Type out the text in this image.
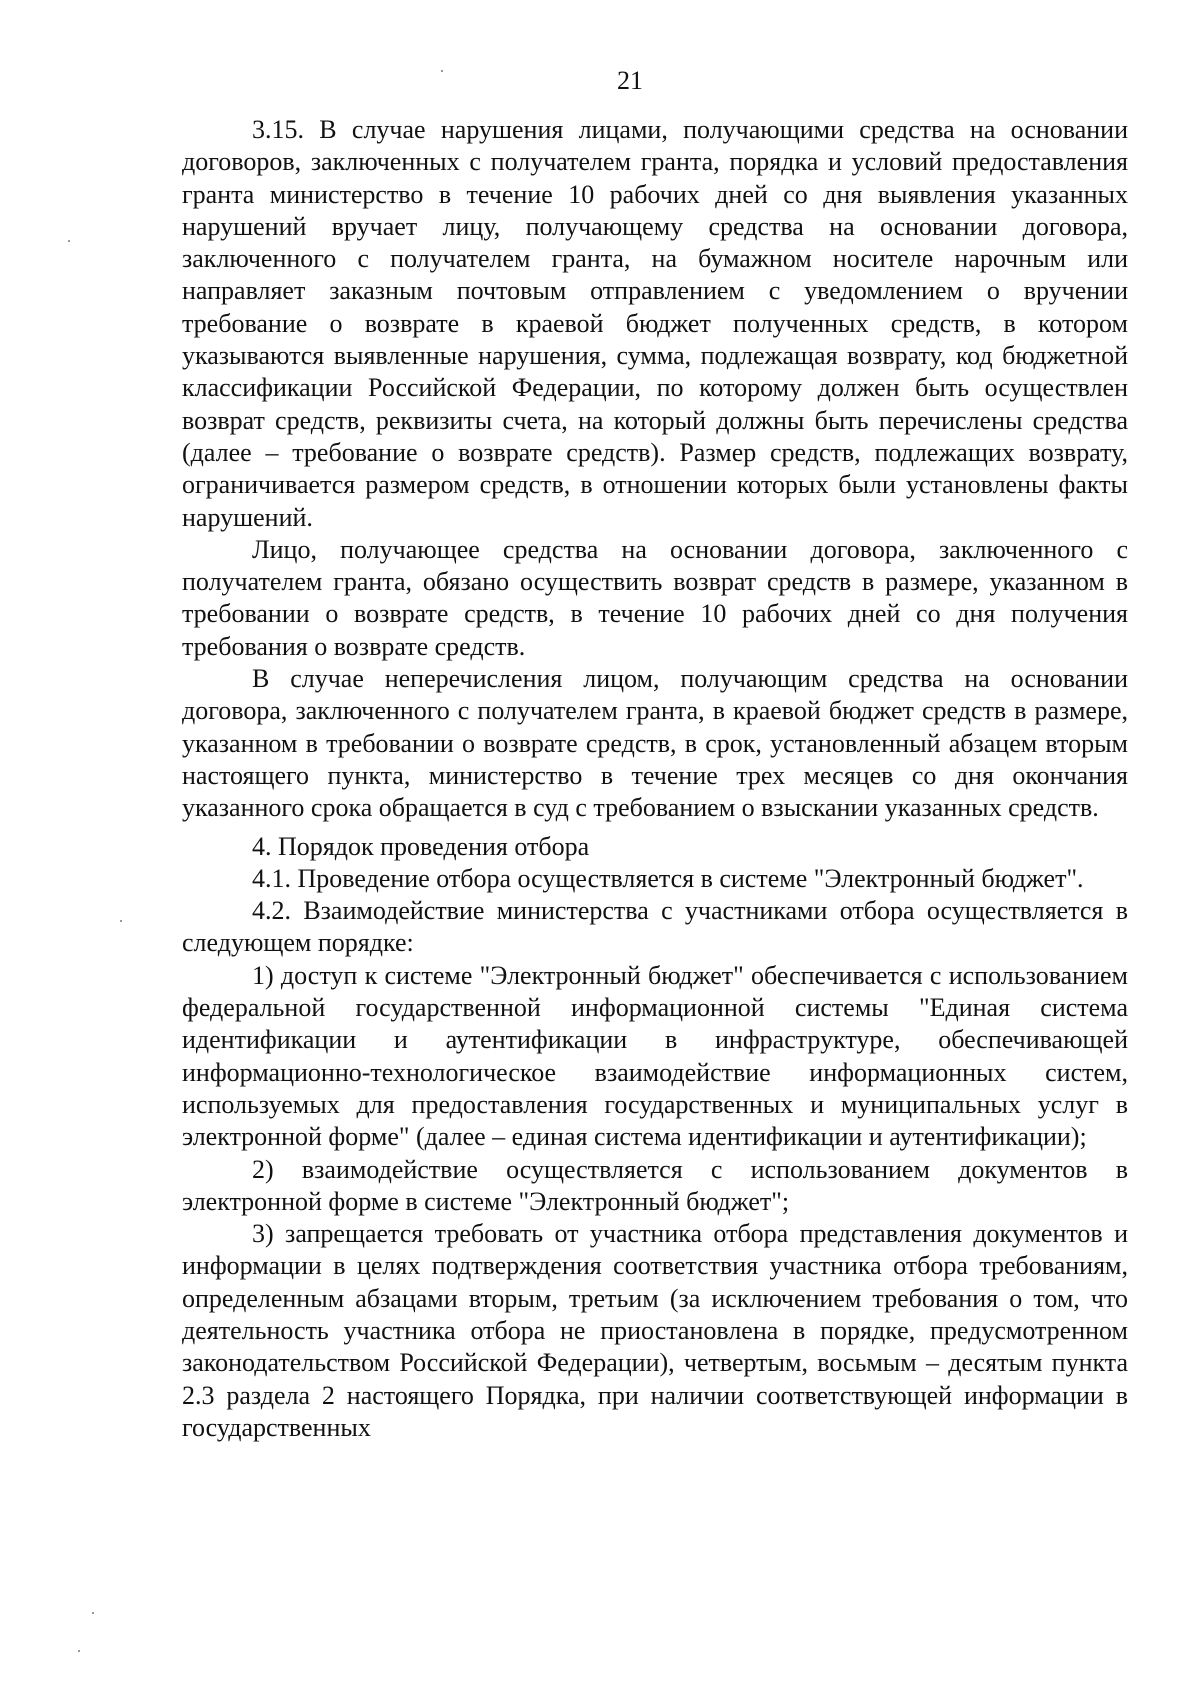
21

3.15. В случае нарушения лицами, получающими средства на основании договоров, заключенных с получателем гранта, порядка и условий предоставления гранта министерство в течение 10 рабочих дней со дня выявления указанных нарушений вручает лицу, получающему средства на основании договора, заключенного с получателем гранта, на бумажном носителе нарочным или направляет заказным почтовым отправлением с уведомлением о вручении требование о возврате в краевой бюджет полученных средств, в котором указываются выявленные нарушения, сумма, подлежащая возврату, код бюджетной классификации Российской Федерации, по которому должен быть осуществлен возврат средств, реквизиты счета, на который должны быть перечислены средства (далее – требование о возврате средств). Размер средств, подлежащих возврату, ограничивается размером средств, в отношении которых были установлены факты нарушений.

Лицо, получающее средства на основании договора, заключенного с получателем гранта, обязано осуществить возврат средств в размере, указанном в требовании о возврате средств, в течение 10 рабочих дней со дня получения требования о возврате средств.

В случае неперечисления лицом, получающим средства на основании договора, заключенного с получателем гранта, в краевой бюджет средств в размере, указанном в требовании о возврате средств, в срок, установленный абзацем вторым настоящего пункта, министерство в течение трех месяцев со дня окончания указанного срока обращается в суд с требованием о взыскании указанных средств.

4. Порядок проведения отбора

4.1. Проведение отбора осуществляется в системе "Электронный бюджет".

4.2. Взаимодействие министерства с участниками отбора осуществляется в следующем порядке:

1) доступ к системе "Электронный бюджет" обеспечивается с использованием федеральной государственной информационной системы "Единая система идентификации и аутентификации в инфраструктуре, обеспечивающей информационно-технологическое взаимодействие информационных систем, используемых для предоставления государственных и муниципальных услуг в электронной форме" (далее – единая система идентификации и аутентификации);

2) взаимодействие осуществляется с использованием документов в электронной форме в системе "Электронный бюджет";

3) запрещается требовать от участника отбора представления документов и информации в целях подтверждения соответствия участника отбора требованиям, определенным абзацами вторым, третьим (за исключением требования о том, что деятельность участника отбора не приостановлена в порядке, предусмотренном законодательством Российской Федерации), четвертым, восьмым – десятым пункта 2.3 раздела 2 настоящего Порядка, при наличии соответствующей информации в государственных
